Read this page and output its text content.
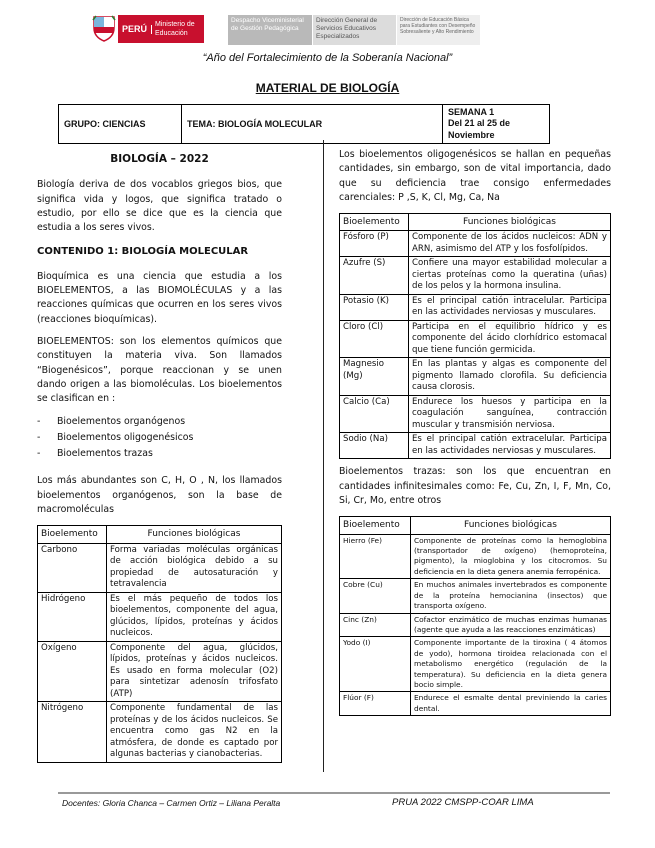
PERÚ	Ministerio de Educación
Despacho Viceministerial de Gestión Pedagógica
Dirección General de Servicios Educativos Especializados
Dirección de Educación Básica para Estudiantes con Desempeño Sobresaliente y Alto Rendimiento
“Año del Fortalecimiento de la Soberanía Nacional”
MATERIAL DE BIOLOGÍA
GRUPO: CIENCIAS	TEMA: BIOLOGÍA MOLECULAR	
SEMANA 1
Del 21 al 25 de Noviembre
BIOLOGÍA – 2022

Biología deriva de dos vocablos griegos bios, que significa vida y logos, que significa tratado o estudio, por ello se dice que es la ciencia que estudia a los seres vivos.

CONTENIDO 1: BIOLOGÍA MOLECULAR

Bioquímica es una ciencia que estudia a los BIOELEMENTOS, a las BIOMOLÉCULAS y a las reacciones químicas que ocurren en los seres vivos (reacciones bioquímicas).

BIOELEMENTOS: son los elementos químicos que constituyen la materia viva. Son llamados “Biogenésicos”, porque reaccionan y se unen dando origen a las biomoléculas. Los bioelementos se clasifican en :

- Bioelementos organógenos
- Bioelementos oligogenésicos
- Bioelementos trazas

Los más abundantes son C, H, O , N, los llamados bioelementos organógenos, son la base de macromoléculas

Bioelemento	Funciones biológicas
Carbono	Forma variadas moléculas orgánicas de acción biológica debido a su propiedad de autosaturación y tetravalencia
Hidrógeno	Es el más pequeño de todos los bioelementos, componente del agua, glúcidos, lípidos, proteínas y ácidos nucleicos.
Oxígeno	Componente del agua, glúcidos, lípidos, proteínas y ácidos nucleicos. Es usado en forma molecular (O2) para sintetizar adenosín trifosfato (ATP)
Nitrógeno	Componente fundamental de las proteínas y de los ácidos nucleicos. Se encuentra como gas N2 en la atmósfera, de donde es captado por algunas bacterias y cianobacterias.

Los bioelementos oligogenésicos se hallan en pequeñas cantidades, sin embargo, son de vital importancia, dado que su deficiencia trae consigo enfermedades carenciales: P ,S, K, Cl, Mg, Ca, Na

Bioelemento	Funciones biológicas
Fósforo (P)	Componente de los ácidos nucleicos: ADN y ARN, asimismo del ATP y los fosfolípidos.
Azufre (S)	Confiere una mayor estabilidad molecular a ciertas proteínas como la queratina (uñas) de los pelos y la hormona insulina.
Potasio (K)	Es el principal catión intracelular. Participa en las actividades nerviosas y musculares.
Cloro (Cl)	Participa en el equilibrio hídrico y es componente del ácido clorhídrico estomacal que tiene función germicida.
Magnesio (Mg)	En las plantas y algas es componente del pigmento llamado clorofila. Su deficiencia causa clorosis.
Calcio (Ca)	Endurece los huesos y participa en la coagulación sanguínea, contracción muscular y transmisión nerviosa.
Sodio (Na)	Es el principal catión extracelular. Participa en las actividades nerviosas y musculares.

Bioelementos trazas: son los que encuentran en cantidades infinitesimales como: Fe, Cu, Zn, I, F, Mn, Co, Si, Cr, Mo, entre otros

Bioelemento	Funciones biológicas
Hierro (Fe)	Componente de proteínas como la hemoglobina (transportador de oxígeno) (hemoproteína, pigmento), la mioglobina y los citocromos. Su deficiencia en la dieta genera anemia ferropénica.
Cobre (Cu)	En muchos animales invertebrados es componente de la proteína hemocianina (insectos) que transporta oxígeno.
Cinc (Zn)	Cofactor enzimático de muchas enzimas humanas (agente que ayuda a las reacciones enzimáticas)
Yodo (I)	Componente importante de la tiroxina ( 4 átomos de yodo), hormona tiroidea relacionada con el metabolismo energético (regulación de la temperatura). Su deficiencia en la dieta genera bocio simple.
Flúor (F)	Endurece el esmalte dental previniendo la caries dental.
Docentes: Gloria Chanca – Carmen Ortiz – Liliana Peralta	PRUA 2022 CMSPP-COAR LIMA
